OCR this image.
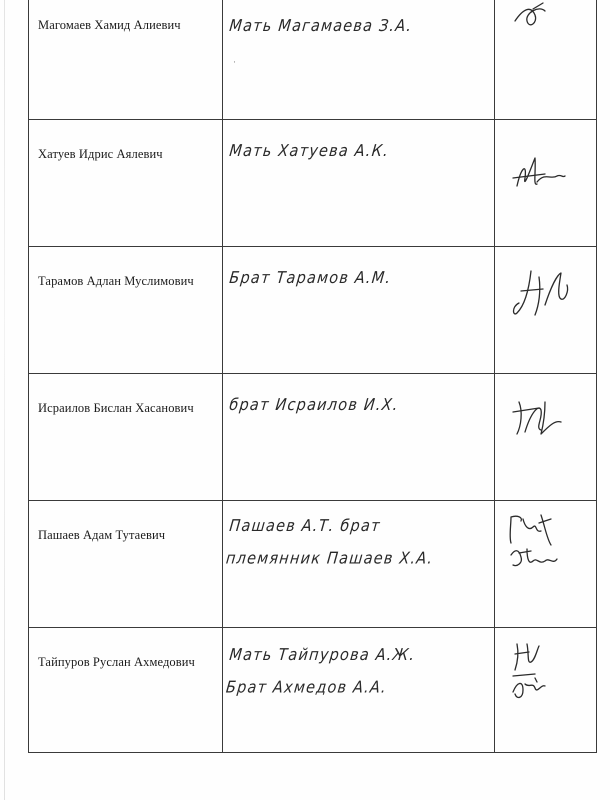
Магомаев Хамид Алиевич	Мать Магамаева З.А.
·

Хатуев Идрис Аялевич	Мать Хатуева А.К.

Тарамов Адлан Муслимович	Брат Тарамов А.М.

Исраилов Бислан Хасанович	брат Исраилов И.Х.

Пашаев Адам Тутаевич	Пашаев А.Т. брат
племянник Пашаев Х.А.

Тайпуров Руслан Ахмедович	Мать Тайпурова А.Ж.
Брат Ахмедов А.А.
